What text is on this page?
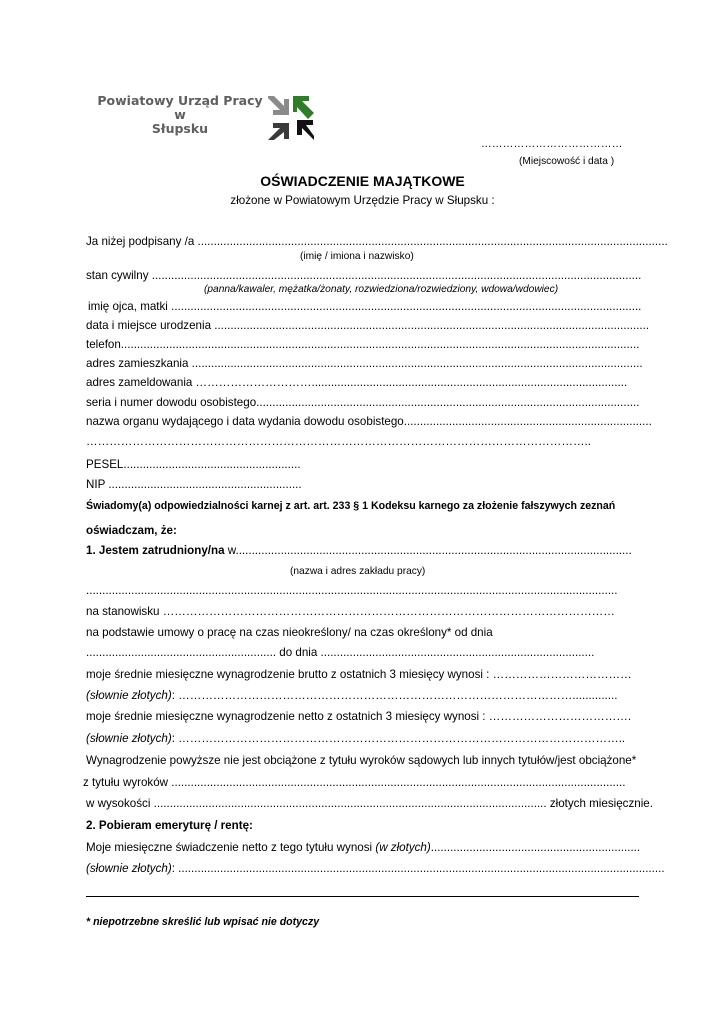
Powiatowy Urząd Pracy
w
Słupsku
…………………………………
(Miejscowość i data )
OŚWIADCZENIE MAJĄTKOWE
złożone w Powiatowym Urzędzie Pracy w Słupsku :
Ja niżej podpisany /a ..................................................................................................................................................
(imię / imiona i nazwisko)
stan cywilny ........................................................................................................................................................
(panna/kawaler, mężatka/żonaty, rozwiedziona/rozwiedziony, wdowa/wdowiec)
imię ojca, matki ..................................................................................................................................................
data i miejsce urodzenia .......................................................................................................................................
telefon.................................................................................................................................................................
adres zamieszkania ............................................................................................................................................
adres zameldowania …………………………..................................................................................................
seria i numer dowodu osobistego.......................................................................................................................
nazwa organu wydającego i data wydania dowodu osobistego.............................................................................
…………………………………………………………………………………………………………………..
PESEL.......................................................
NIP ............................................................
Świadomy(a) odpowiedzialności karnej z art. art. 233 § 1 Kodeksu karnego za złożenie fałszywych zeznań
oświadczam, że:
1. Jestem zatrudniony/na w...........................................................................................................................
(nazwa i adres zakładu pracy)
.....................................................................................................................................................................
na stanowisku ………………………………………………………………………………………………………
na podstawie umowy o pracę na czas nieokreślony/ na czas określony* od dnia
........................................................... do dnia .....................................................................................
moje średnie miesięczne wynagrodzenie brutto z ostatnich 3 miesięcy wynosi : ………………………………
(słownie złotych): …………………………………………………………………………………………..............
moje średnie miesięczne wynagrodzenie netto z ostatnich 3 miesięcy wynosi : ……………………………….
(słownie złotych): ……………………………………………………………………………………………………..
Wynagrodzenie powyższe nie jest obciążone z tytułu wyroków sądowych lub innych tytułów/jest obciążone*
z tytułu wyroków .............................................................................................................................................
w wysokości .......................................................................................................................... złotych miesięcznie.
2. Pobieram emeryturę / rentę:
Moje miesięczne świadczenie netto z tego tytułu wynosi (w złotych).................................................................
(słownie złotych): .......................................................................................................................................................
* niepotrzebne skreślić lub wpisać nie dotyczy
